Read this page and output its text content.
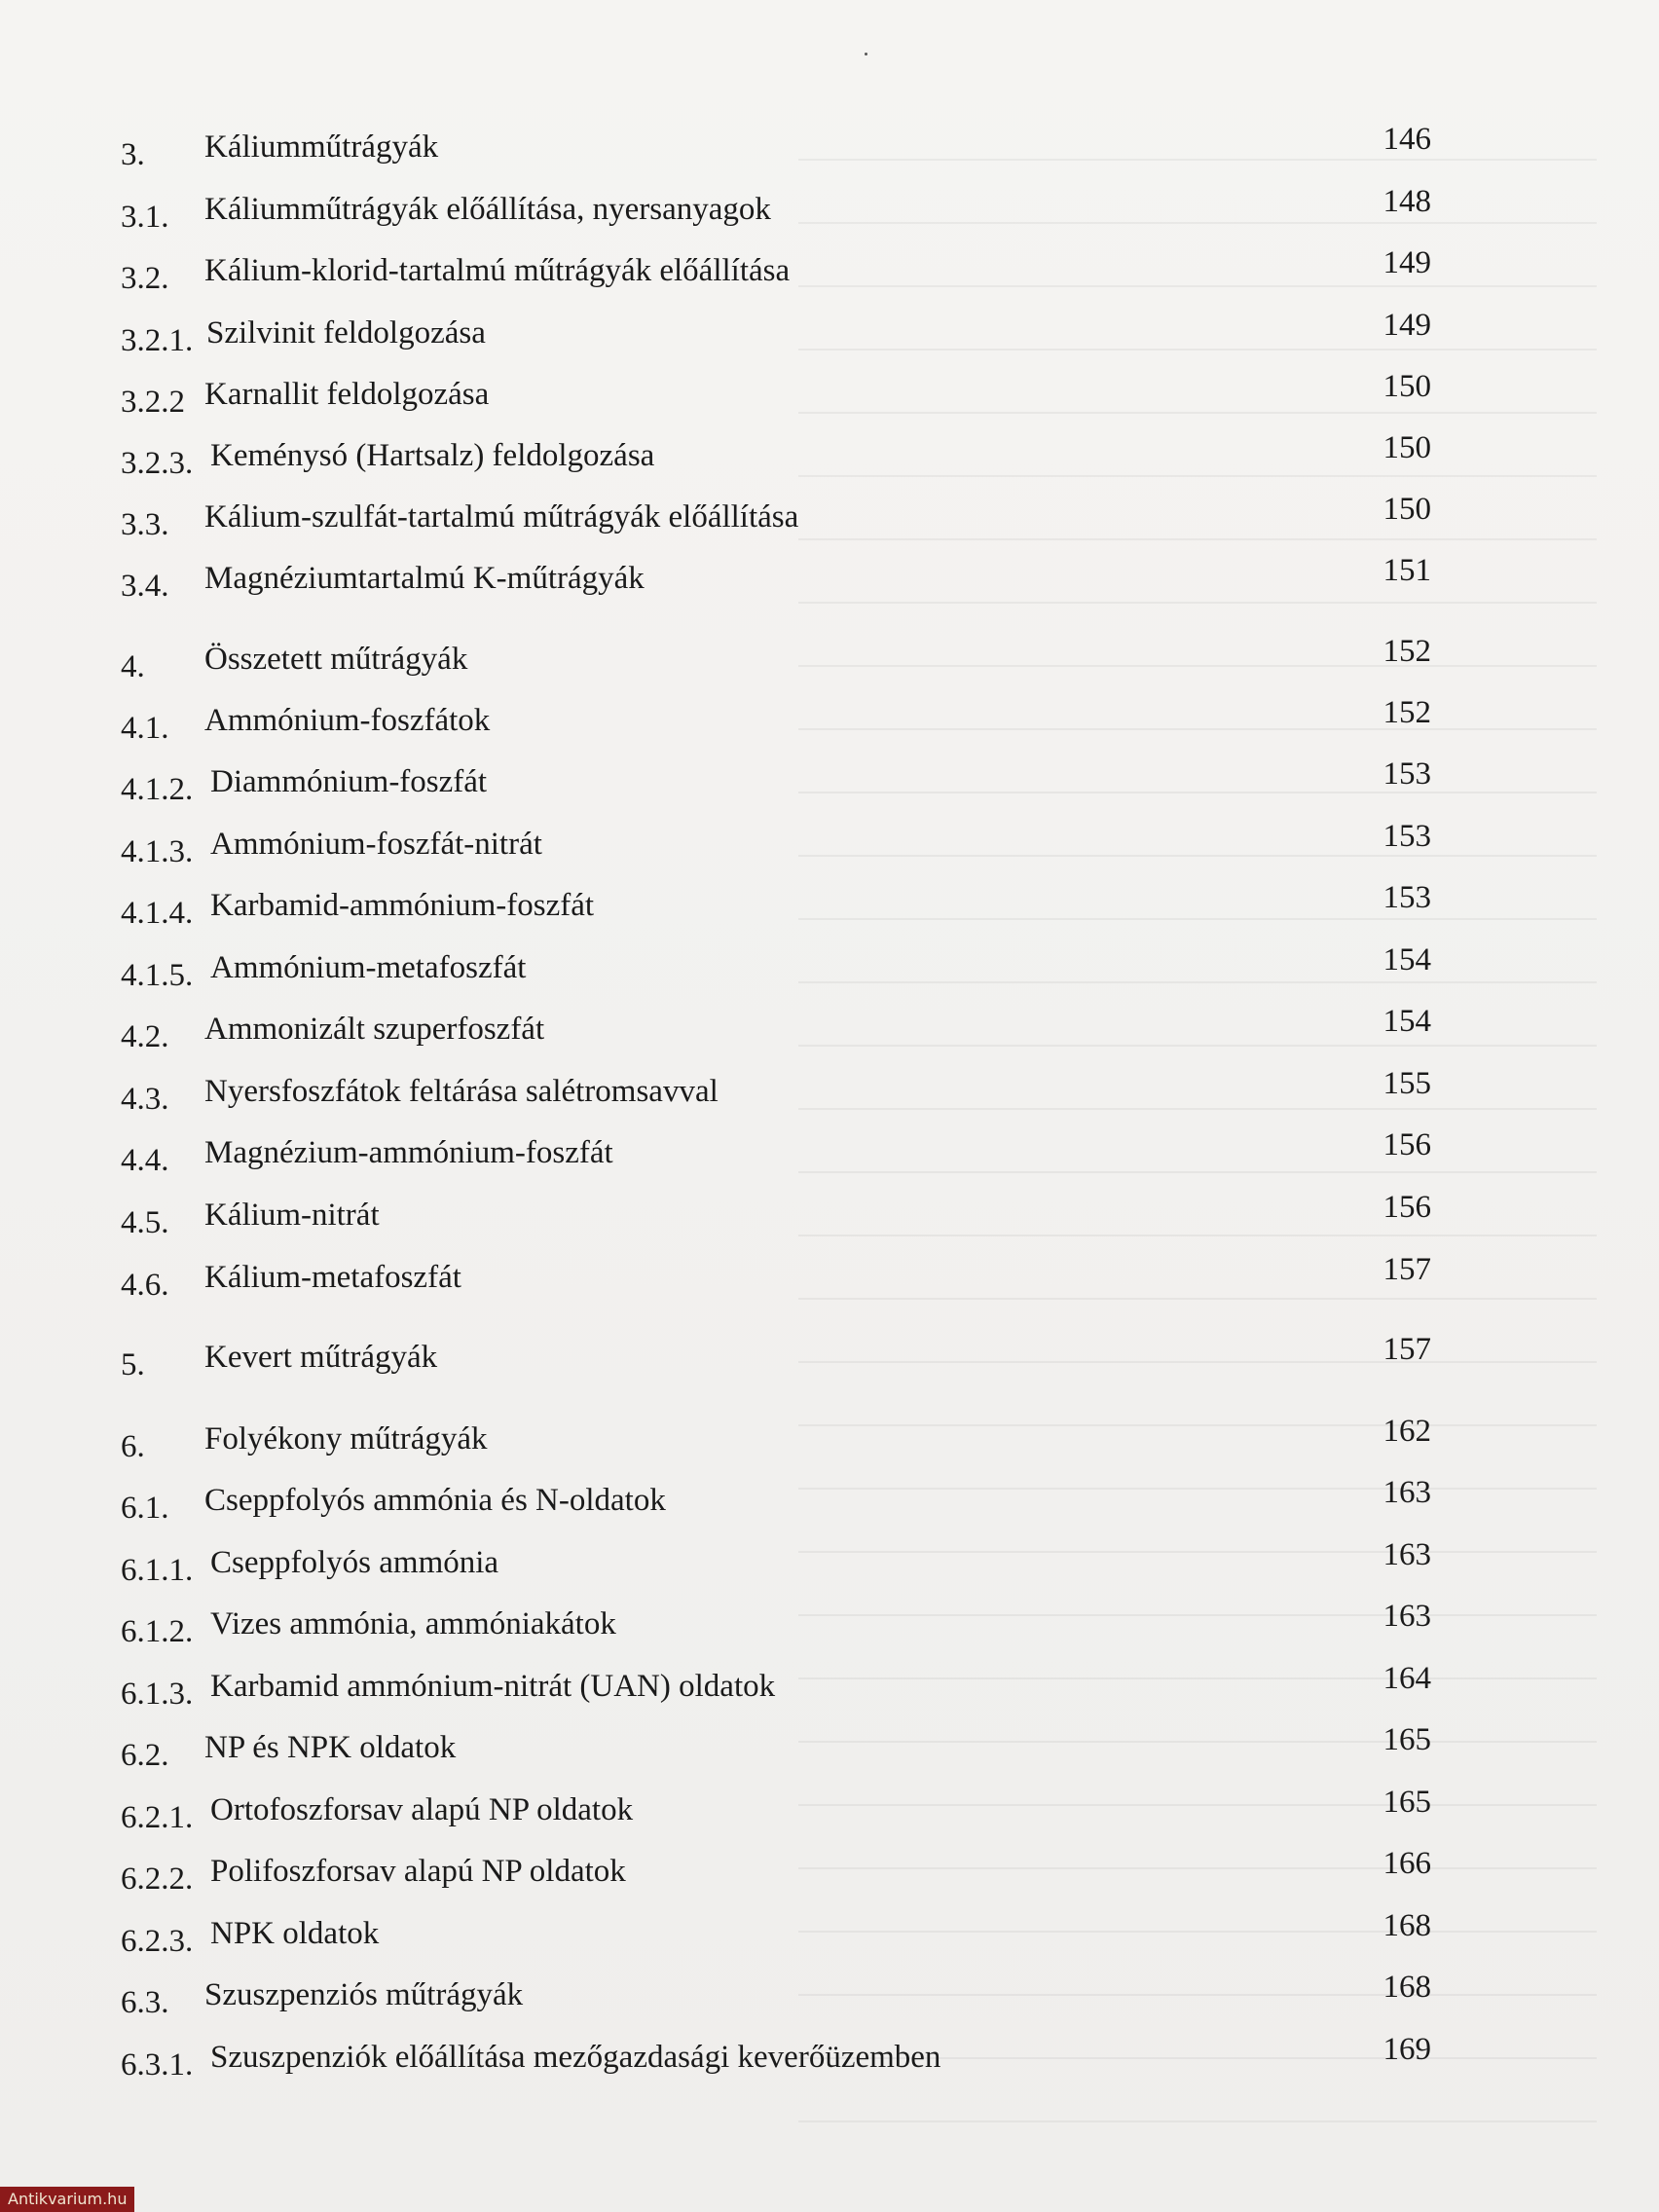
3. Káliumműtrágyák	146
3.1. Káliumműtrágyák előállítása, nyersanyagok	148
3.2. Kálium-klorid-tartalmú műtrágyák előállítása	149
3.2.1. Szilvinit feldolgozása	149
3.2.2 Karnallit feldolgozása	150
3.2.3. Keménysó (Hartsalz) feldolgozása	150
3.3. Kálium-szulfát-tartalmú műtrágyák előállítása	150
3.4. Magnéziumtartalmú K-műtrágyák	151
4. Összetett műtrágyák	152
4.1. Ammónium-foszfátok	152
4.1.2. Diammónium-foszfát	153
4.1.3. Ammónium-foszfát-nitrát	153
4.1.4. Karbamid-ammónium-foszfát	153
4.1.5. Ammónium-metafoszfát	154
4.2. Ammonizált szuperfoszfát	154
4.3. Nyersfoszfátok feltárása salétromsavval	155
4.4. Magnézium-ammónium-foszfát	156
4.5. Kálium-nitrát	156
4.6. Kálium-metafoszfát	157
5. Kevert műtrágyák	157
6. Folyékony műtrágyák	162
6.1. Cseppfolyós ammónia és N-oldatok	163
6.1.1. Cseppfolyós ammónia	163
6.1.2. Vizes ammónia, ammóniakátok	163
6.1.3. Karbamid ammónium-nitrát (UAN) oldatok	164
6.2. NP és NPK oldatok	165
6.2.1. Ortofoszforsav alapú NP oldatok	165
6.2.2. Polifoszforsav alapú NP oldatok	166
6.2.3. NPK oldatok	168
6.3. Szuszpenziós műtrágyák	168
6.3.1. Szuszpenziók előállítása mezőgazdasági keverőüzemben	169
Antikvarium.hu
